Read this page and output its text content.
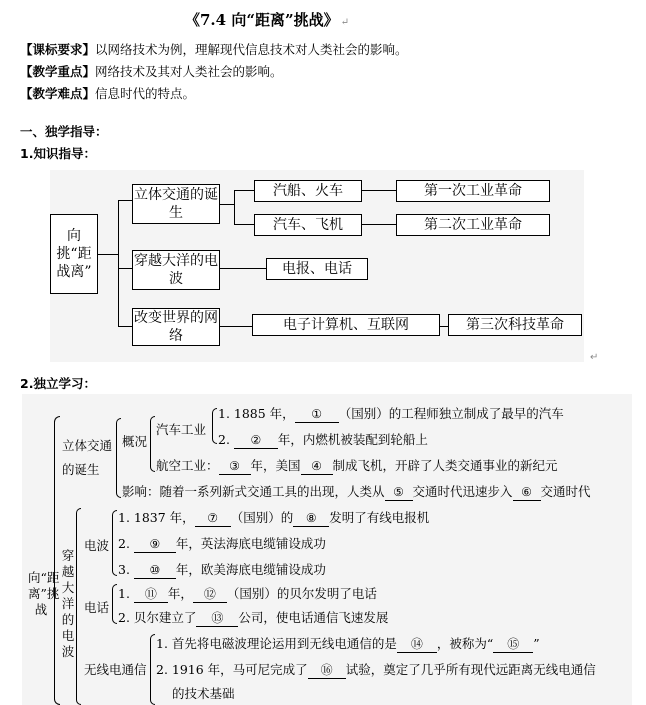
《7.4 向“距离”挑战》 ↵
【课标要求】以网络技术为例，理解现代信息技术对人类社会的影响。
【教学重点】网络技术及其对人类社会的影响。
【教学难点】信息时代的特点。
一、独学指导：
1.知识指导：
向挑“距战离”
立体交通的诞生
穿越大洋的电波
改变世界的网络
汽船、火车
汽车、飞机
第一次工业革命
第二次工业革命
电报、电话
电子计算机、互联网	第三次科技革命
↵
2.独立学习：
向“距离”挑战
立体交通的诞生
概况
汽车工业
1. 1885 年， ① （国别）的工程师独立制成了最早的汽车
2. ② 年，内燃机被装配到轮船上
航空工业： ③ 年，美国 ④ 制成飞机，开辟了人类交通事业的新纪元
影响：随着一系列新式交通工具的出现，人类从 ⑤ 交通时代迅速步入 ⑥ 交通时代
穿越大洋的电波
电波
1. 1837 年， ⑦ （国别）的 ⑧ 发明了有线电报机
2. ⑨ 年，英法海底电缆铺设成功
3. ⑩ 年，欧美海底电缆铺设成功
电话
1. ⑪ 年， ⑫ （国别）的贝尔发明了电话
2. 贝尔建立了 ⑬ 公司，使电话通信飞速发展
无线电通信
1. 首先将电磁波理论运用到无线电通信的是 ⑭ ，被称为“ ⑮ ”
2. 1916 年，马可尼完成了 ⑯ 试验，奠定了几乎所有现代远距离无线电通信
的技术基础
